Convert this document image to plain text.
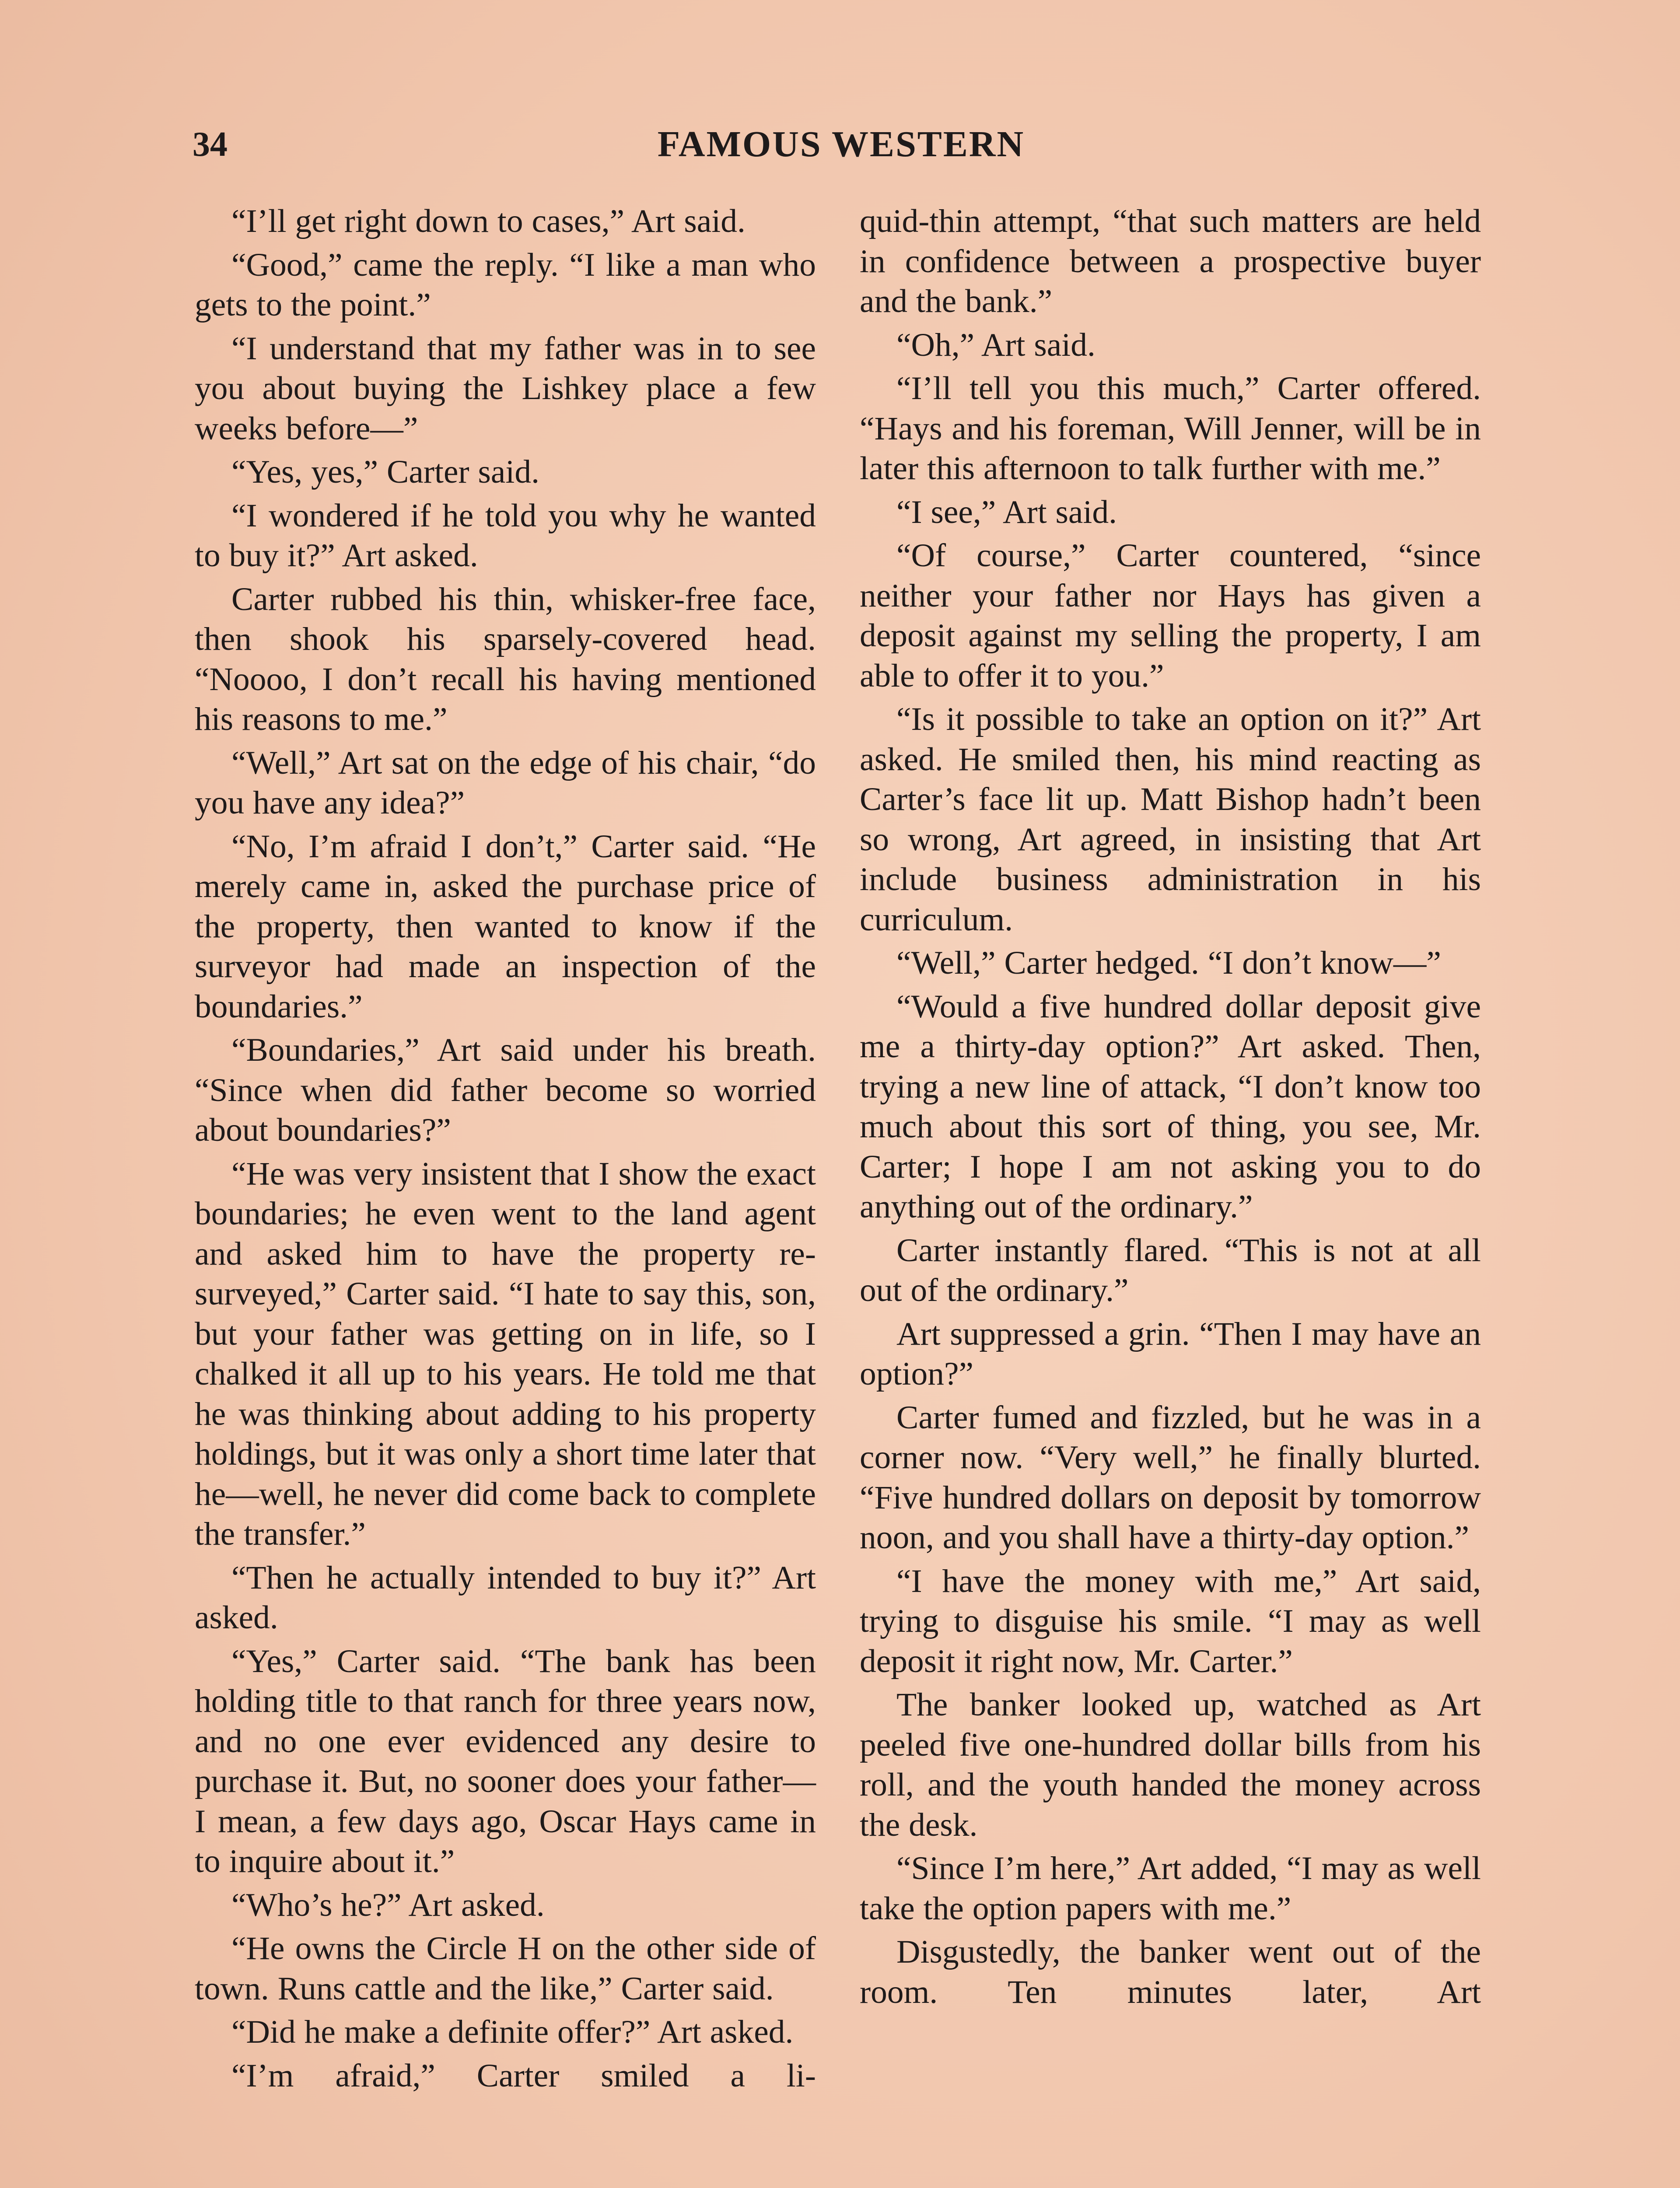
34	FAMOUS WESTERN

“I’ll get right down to cases,” Art said.

“Good,” came the reply. “I like a man who gets to the point.”

“I understand that my father was in to see you about buying the Lishkey place a few weeks before—”

“Yes, yes,” Carter said.

“I wondered if he told you why he wanted to buy it?” Art asked.

Carter rubbed his thin, whisker-free face, then shook his sparsely-covered head. “Noooo, I don’t recall his having mentioned his reasons to me.”

“Well,” Art sat on the edge of his chair, “do you have any idea?”

“No, I’m afraid I don’t,” Carter said. “He merely came in, asked the purchase price of the property, then wanted to know if the surveyor had made an inspection of the boundaries.”

“Boundaries,” Art said under his breath. “Since when did father become so worried about boundaries?”

“He was very insistent that I show the exact boundaries; he even went to the land agent and asked him to have the property re-surveyed,” Carter said. “I hate to say this, son, but your father was getting on in life, so I chalked it all up to his years. He told me that he was thinking about adding to his property holdings, but it was only a short time later that he—well, he never did come back to complete the transfer.”

“Then he actually intended to buy it?” Art asked.

“Yes,” Carter said. “The bank has been holding title to that ranch for three years now, and no one ever evidenced any desire to purchase it. But, no sooner does your father— I mean, a few days ago, Oscar Hays came in to inquire about it.”

“Who’s he?” Art asked.

“He owns the Circle H on the other side of town. Runs cattle and the like,” Carter said.

“Did he make a definite offer?” Art asked.

“I’m afraid,” Carter smiled a li-

quid-thin attempt, “that such matters are held in confidence between a prospective buyer and the bank.”

“Oh,” Art said.

“I’ll tell you this much,” Carter offered. “Hays and his foreman, Will Jenner, will be in later this afternoon to talk further with me.”

“I see,” Art said.

“Of course,” Carter countered, “since neither your father nor Hays has given a deposit against my selling the property, I am able to offer it to you.”

“Is it possible to take an option on it?” Art asked. He smiled then, his mind reacting as Carter’s face lit up. Matt Bishop hadn’t been so wrong, Art agreed, in insisting that Art include business administration in his curriculum.

“Well,” Carter hedged. “I don’t know—”

“Would a five hundred dollar deposit give me a thirty-day option?” Art asked. Then, trying a new line of attack, “I don’t know too much about this sort of thing, you see, Mr. Carter; I hope I am not asking you to do anything out of the ordinary.”

Carter instantly flared. “This is not at all out of the ordinary.”

Art suppressed a grin. “Then I may have an option?”

Carter fumed and fizzled, but he was in a corner now. “Very well,” he finally blurted. “Five hundred dollars on deposit by tomorrow noon, and you shall have a thirty-day option.”

“I have the money with me,” Art said, trying to disguise his smile. “I may as well deposit it right now, Mr. Carter.”

The banker looked up, watched as Art peeled five one-hundred dollar bills from his roll, and the youth handed the money across the desk.

“Since I’m here,” Art added, “I may as well take the option papers with me.”

Disgustedly, the banker went out of the room. Ten minutes later, Art
